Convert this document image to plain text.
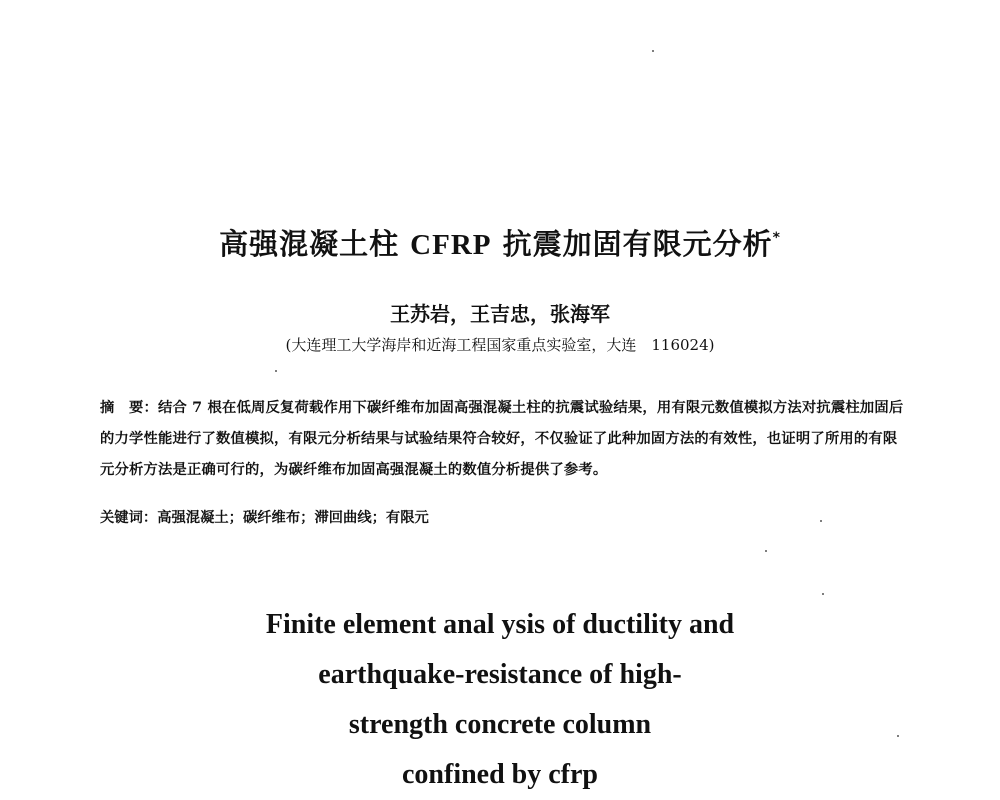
高强混凝土柱 CFRP 抗震加固有限元分析*
王苏岩，王吉忠，张海军
(大连理工大学海岸和近海工程国家重点实验室，大连　116024)
摘　要：结合 7 根在低周反复荷载作用下碳纤维布加固高强混凝土柱的抗震试验结果，用有限元数值模拟方法对抗震柱加固后的力学性能进行了数值模拟，有限元分析结果与试验结果符合较好，不仅验证了此种加固方法的有效性，也证明了所用的有限元分析方法是正确可行的，为碳纤维布加固高强混凝土的数值分析提供了参考。
关键词：高强混凝土；碳纤维布；滞回曲线；有限元
Finite element anal ysis of ductility and
earthquake-resistance of high-
strength concrete column
confined by cfrp
